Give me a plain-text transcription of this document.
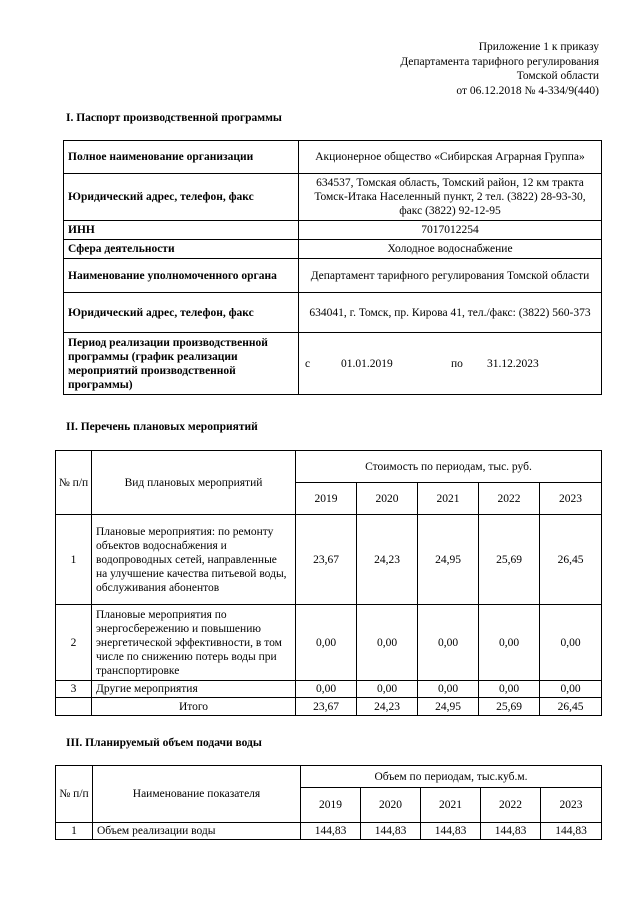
Приложение 1 к приказу
Департамента тарифного регулирования
Томской области
от 06.12.2018 № 4-334/9(440)
I. Паспорт производственной программы
Полное наименование организации	Акционерное общество «Сибирская Аграрная Группа»
Юридический адрес, телефон, факс	634537, Томская область, Томский район, 12 км тракта Томск-Итака Населенный пункт, 2 тел. (3822) 28-93-30, факс (3822) 92-12-95
ИНН	7017012254
Сфера деятельности	Холодное водоснабжение
Наименование уполномоченного органа	Департамент тарифного регулирования Томской области
Юридический адрес, телефон, факс	634041, г. Томск, пр. Кирова 41, тел./факс: (3822) 560-373
Период реализации производственной программы (график реализации мероприятий производственной программы)	с 01.01.2019 по 31.12.2023
II. Перечень плановых мероприятий
№ п/п	Вид плановых мероприятий	Стоимость по периодам, тыс. руб.				
		2019	2020	2021	2022	2023
1	Плановые мероприятия: по ремонту объектов водоснабжения и водопроводных сетей, направленные на улучшение качества питьевой воды, обслуживания абонентов	23,67	24,23	24,95	25,69	26,45
2	Плановые мероприятия по энергосбережению и повышению энергетической эффективности, в том числе по снижению потерь воды при транспортировке	0,00	0,00	0,00	0,00	0,00
3	Другие мероприятия	0,00	0,00	0,00	0,00	0,00
	Итого	23,67	24,23	24,95	25,69	26,45
III. Планируемый объем подачи воды
№ п/п	Наименование показателя	Объем по периодам, тыс.куб.м.				
		2019	2020	2021	2022	2023
1	Объем реализации воды	144,83	144,83	144,83	144,83	144,83
